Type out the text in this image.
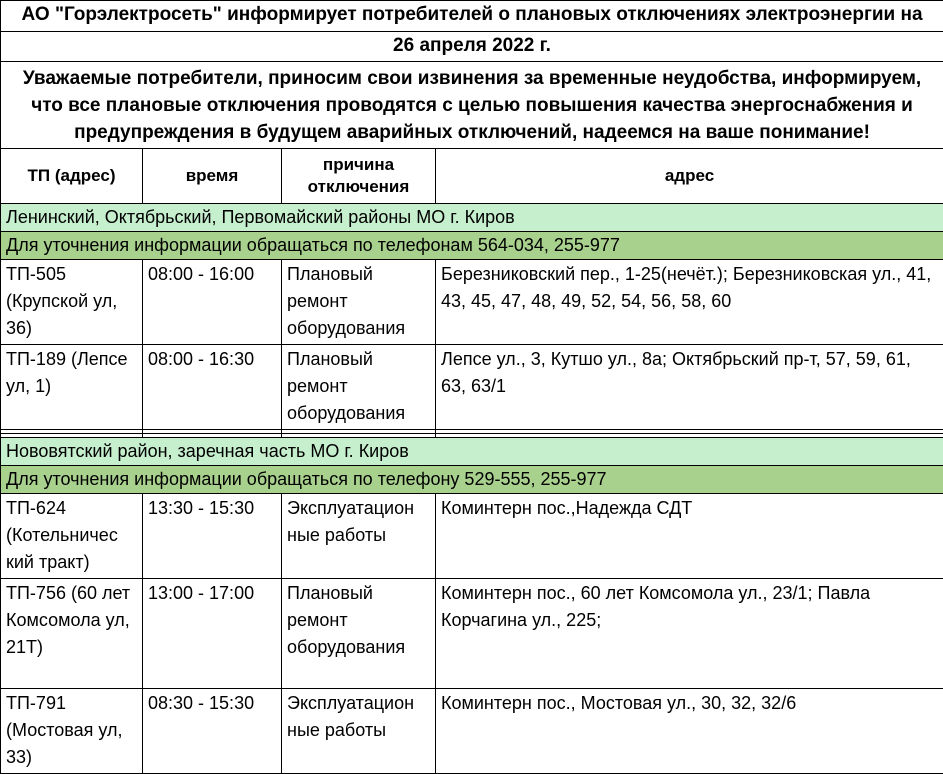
АО "Горэлектросеть" информирует потребителей о плановых отключениях электроэнергии на			
26 апреля 2022 г.			
Уважаемые потребители, приносим свои извинения за временные неудобства, информируем, что все плановые отключения проводятся с целью повышения качества энергоснабжения и предупреждения в будущем аварийных отключений, надеемся на ваше понимание!			
ТП (адрес)	время	причина отключения	адрес
Ленинский, Октябрьский, Первомайский районы МО г. Киров			
Для уточнения информации обращаться по телефонам 564-034, 255-977			
ТП-505 (Крупской ул, 36)	08:00 - 16:00	Плановый ремонт оборудования	Березниковский пер., 1-25(нечёт.); Березниковская ул., 41, 43, 45, 47, 48, 49, 52, 54, 56, 58, 60
ТП-189 (Лепсе ул, 1)	08:00 - 16:30	Плановый ремонт оборудования	Лепсе ул., 3, Кутшо ул., 8а; Октябрьский пр-т, 57, 59, 61, 63, 63/1

Нововятский район, заречная часть МО г. Киров			
Для уточнения информации обращаться по телефону 529-555, 255-977			
ТП-624 (Котельничес кий тракт)	13:30 - 15:30	Эксплуатацион ные работы	Коминтерн пос.,Надежда СДТ
ТП-756 (60 лет Комсомола ул, 21Т)	13:00 - 17:00	Плановый ремонт оборудования	Коминтерн пос., 60 лет Комсомола ул., 23/1; Павла Корчагина ул., 225;
ТП-791 (Мостовая ул, 33)	08:30 - 15:30	Эксплуатацион ные работы	Коминтерн пос., Мостовая ул., 30, 32, 32/6
